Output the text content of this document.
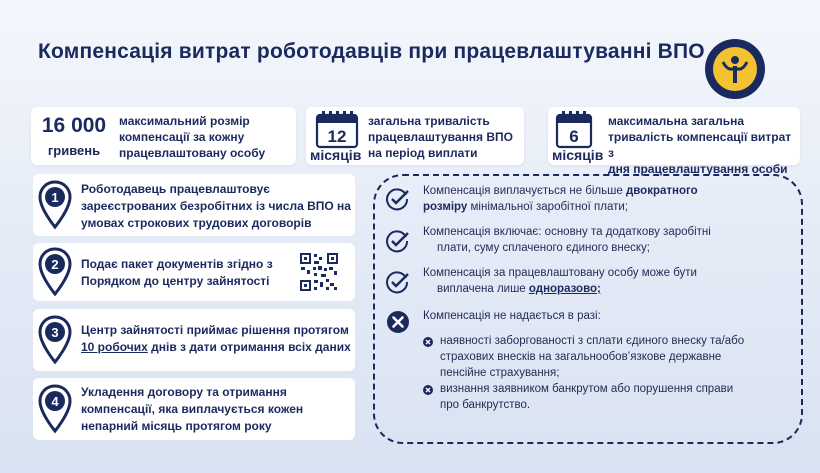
Компенсація витрат роботодавців при працевлаштуванні ВПО
16 000
гривень
максимальний розмір
компенсації за кожну
працевлаштовану особу
12
місяців
загальна тривалість
працевлаштування ВПО
на період виплати
6
місяців
максимальна загальна
тривалість компенсації витрат з
дня працевлаштування особи
1
Роботодавець працевлаштовує
зареєстрованих безробітних із числа ВПО на
умовах строкових трудових договорів
2 Подає пакет документів згідно з
Порядком до центру зайнятості
3 Центр зайнятості приймає рішення протягом
10 робочих днів з дати отримання всіх даних
4
Укладення договору та отримання
компенсації, яка виплачується кожен
непарний місяць протягом року
Компенсація виплачується не більше двократного
розміру мінімальної заробітної плати;
Компенсація включає: основну та додаткову заробітні
плати, суму сплаченого єдиного внеску;
Компенсація за працевлаштовану особу може бути
виплачена лише одноразово;
Компенсація не надається в разі:
наявності заборгованості з сплати єдиного внеску та/або
страхових внесків на загальнообов’язкове державне
пенсійне страхування;
визнання заявником банкрутом або порушення справи
про банкрутство.
